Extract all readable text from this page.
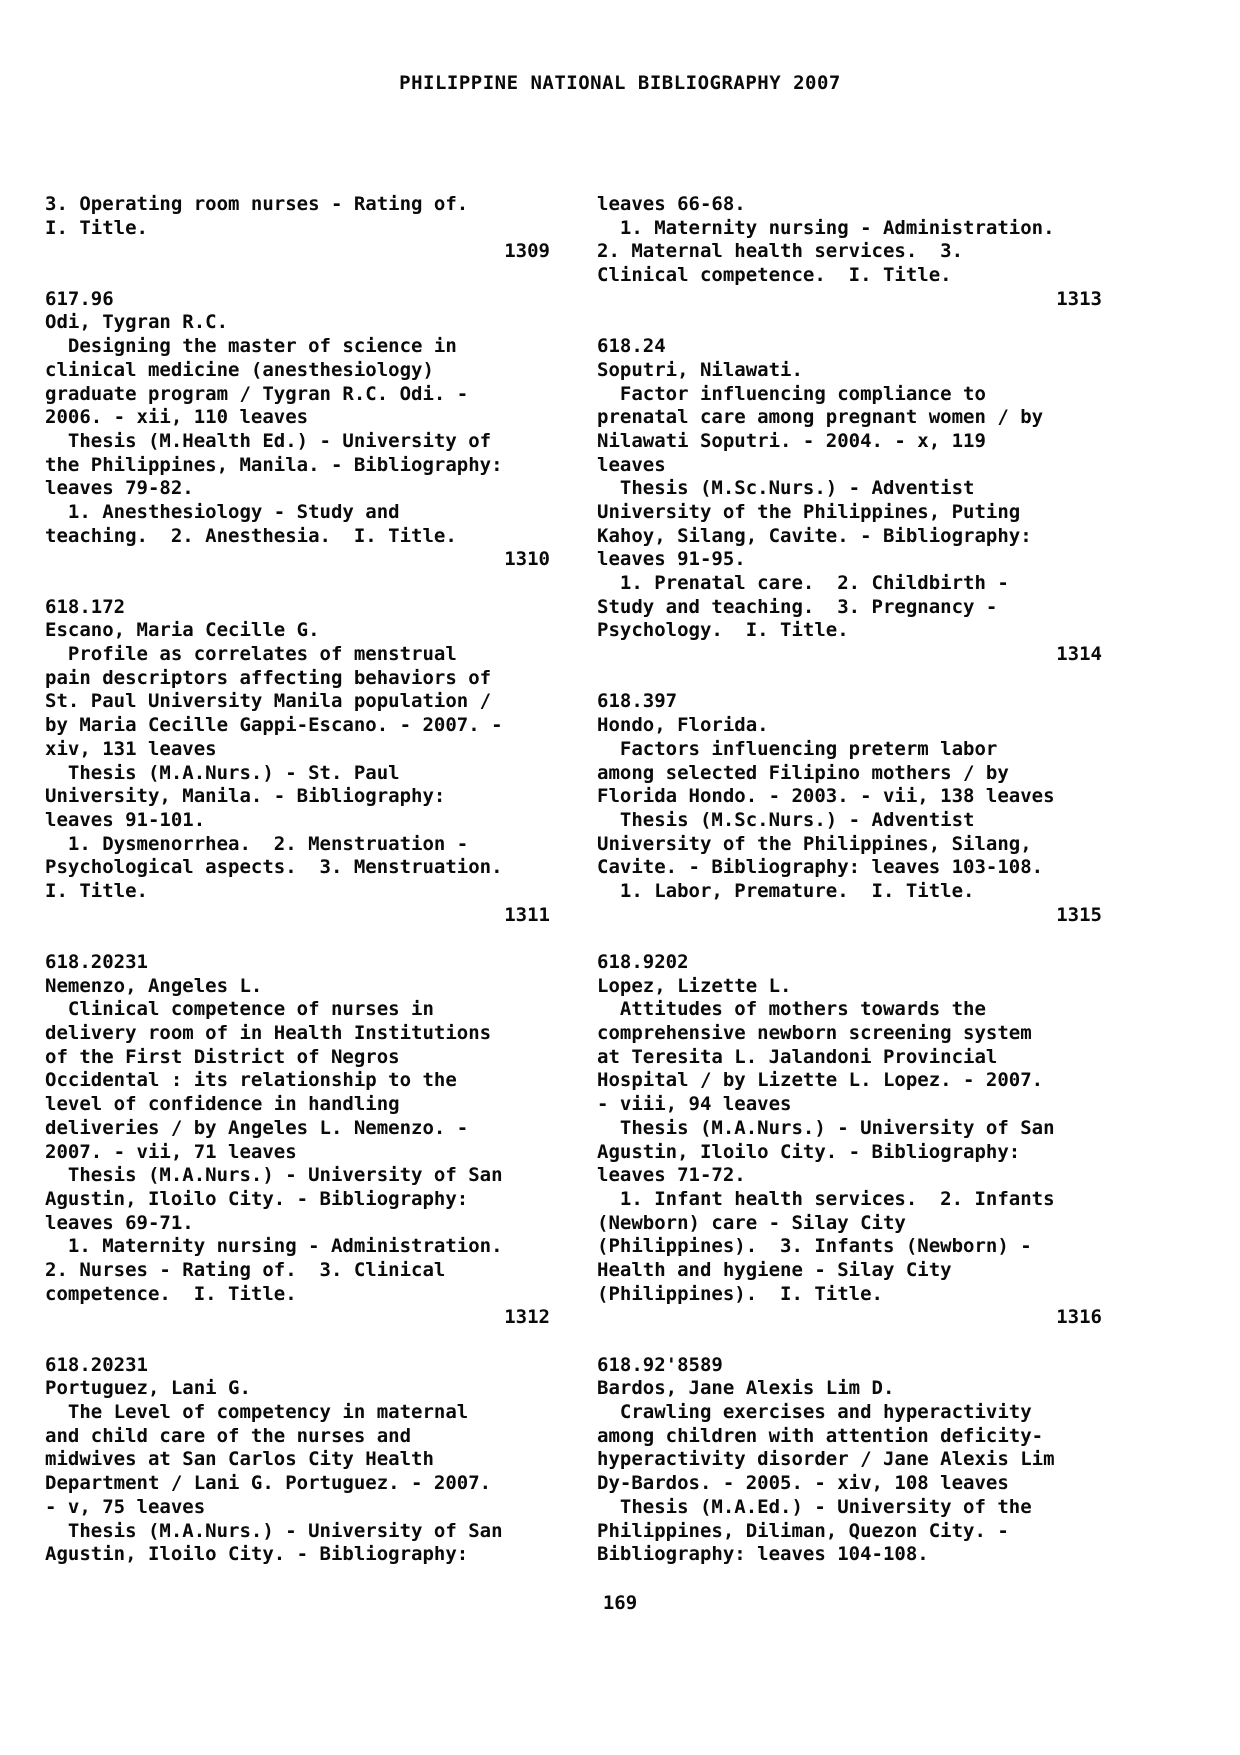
PHILIPPINE NATIONAL BIBLIOGRAPHY 2007
3. Operating room nurses - Rating of.
I. Title.
1309
617.96
Odi, Tygran R.C.
Designing the master of science in
clinical medicine (anesthesiology)
graduate program / Tygran R.C. Odi. -
2006. - xii, 110 leaves
Thesis (M.Health Ed.) - University of
the Philippines, Manila. - Bibliography:
leaves 79-82.
1. Anesthesiology - Study and
teaching.  2. Anesthesia.  I. Title.
1310
618.172
Escano, Maria Cecille G.
Profile as correlates of menstrual
pain descriptors affecting behaviors of
St. Paul University Manila population /
by Maria Cecille Gappi-Escano. - 2007. -
xiv, 131 leaves
Thesis (M.A.Nurs.) - St. Paul
University, Manila. - Bibliography:
leaves 91-101.
1. Dysmenorrhea.  2. Menstruation -
Psychological aspects.  3. Menstruation.
I. Title.
1311
618.20231
Nemenzo, Angeles L.
Clinical competence of nurses in
delivery room of in Health Institutions
of the First District of Negros
Occidental : its relationship to the
level of confidence in handling
deliveries / by Angeles L. Nemenzo. -
2007. - vii, 71 leaves
Thesis (M.A.Nurs.) - University of San
Agustin, Iloilo City. - Bibliography:
leaves 69-71.
1. Maternity nursing - Administration.
2. Nurses - Rating of.  3. Clinical
competence.  I. Title.
1312
618.20231
Portuguez, Lani G.
The Level of competency in maternal
and child care of the nurses and
midwives at San Carlos City Health
Department / Lani G. Portuguez. - 2007.
- v, 75 leaves
Thesis (M.A.Nurs.) - University of San
Agustin, Iloilo City. - Bibliography:
leaves 66-68.
1. Maternity nursing - Administration.
2. Maternal health services.  3.
Clinical competence.  I. Title.
1313
618.24
Soputri, Nilawati.
Factor influencing compliance to
prenatal care among pregnant women / by
Nilawati Soputri. - 2004. - x, 119
leaves
Thesis (M.Sc.Nurs.) - Adventist
University of the Philippines, Puting
Kahoy, Silang, Cavite. - Bibliography:
leaves 91-95.
1. Prenatal care.  2. Childbirth -
Study and teaching.  3. Pregnancy -
Psychology.  I. Title.
1314
618.397
Hondo, Florida.
Factors influencing preterm labor
among selected Filipino mothers / by
Florida Hondo. - 2003. - vii, 138 leaves
Thesis (M.Sc.Nurs.) - Adventist
University of the Philippines, Silang,
Cavite. - Bibliography: leaves 103-108.
1. Labor, Premature.  I. Title.
1315
618.9202
Lopez, Lizette L.
Attitudes of mothers towards the
comprehensive newborn screening system
at Teresita L. Jalandoni Provincial
Hospital / by Lizette L. Lopez. - 2007.
- viii, 94 leaves
Thesis (M.A.Nurs.) - University of San
Agustin, Iloilo City. - Bibliography:
leaves 71-72.
1. Infant health services.  2. Infants
(Newborn) care - Silay City
(Philippines).  3. Infants (Newborn) -
Health and hygiene - Silay City
(Philippines).  I. Title.
1316
618.92'8589
Bardos, Jane Alexis Lim D.
Crawling exercises and hyperactivity
among children with attention deficity-
hyperactivity disorder / Jane Alexis Lim
Dy-Bardos. - 2005. - xiv, 108 leaves
Thesis (M.A.Ed.) - University of the
Philippines, Diliman, Quezon City. -
Bibliography: leaves 104-108.
169
